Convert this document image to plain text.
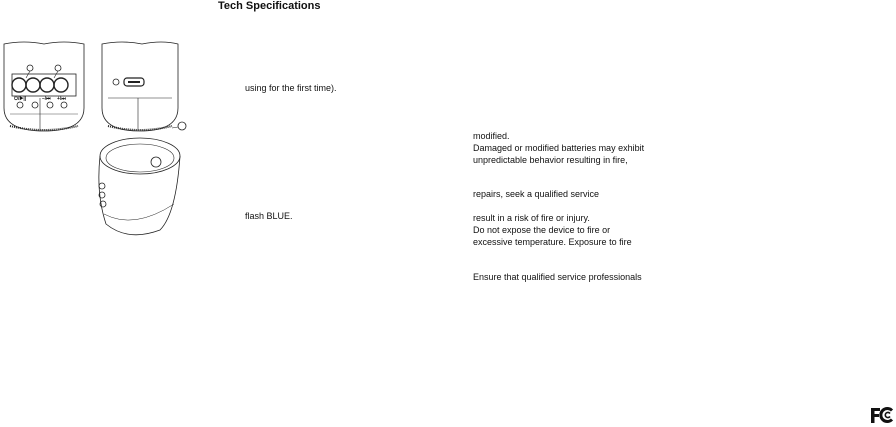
Tech Specifications
⏻/▶||	–/⏮ +/⏭
using for the first time).
flash BLUE.
modified.
Damaged or modified batteries may exhibit
unpredictable behavior resulting in fire,
repairs, seek a qualified service
result in a risk of fire or injury.
Do not expose the device to fire or
excessive temperature. Exposure to fire
Ensure that qualified service professionals
